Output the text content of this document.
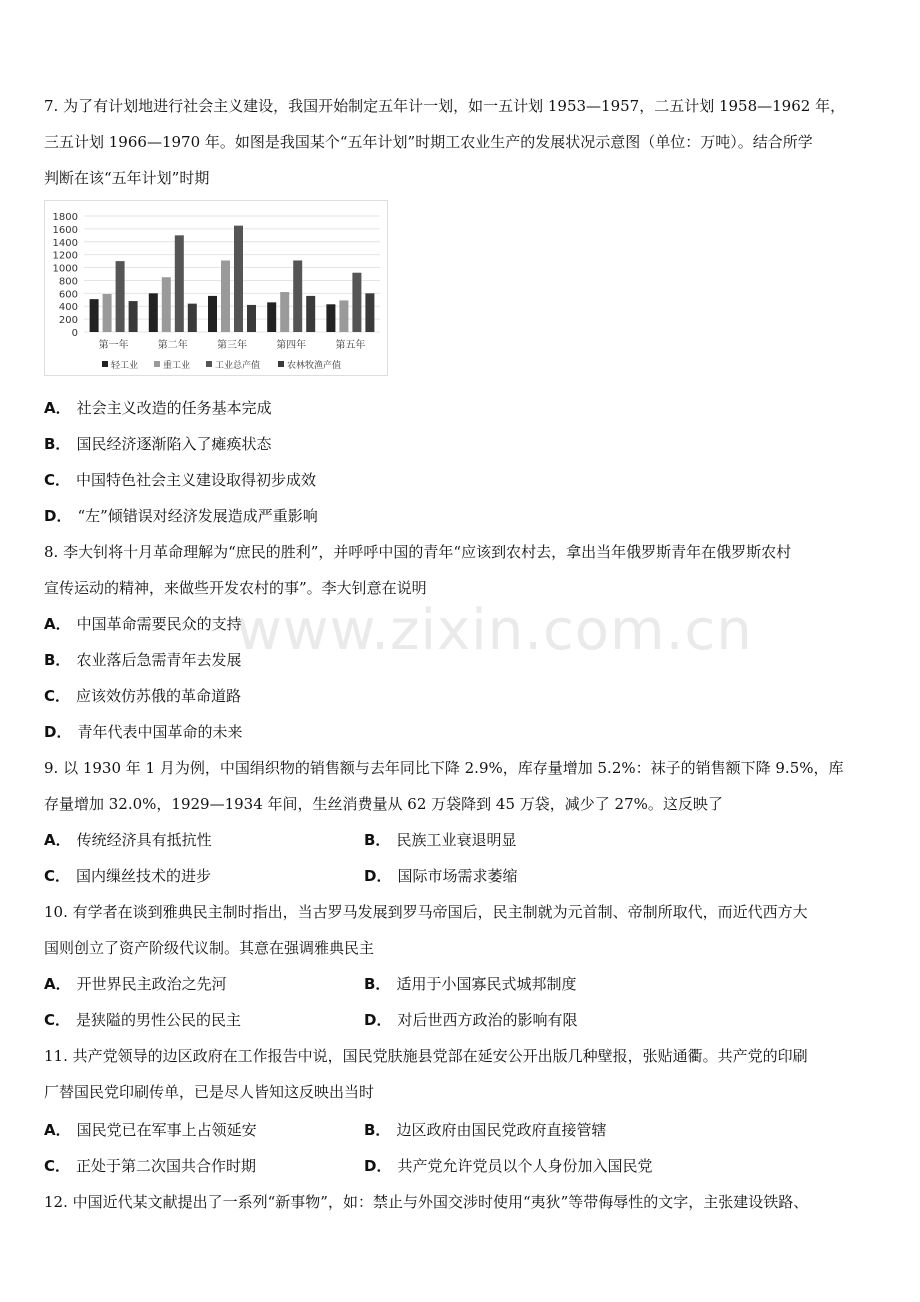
7. 为了有计划地进行社会主义建设，我国开始制定五年计一划，如一五计划 1953—1957，二五计划 1958—1962 年，
三五计划 1966—1970 年。如图是我国某个“五年计划”时期工农业生产的发展状况示意图（单位：万吨）。结合所学
判断在该“五年计划”时期
1800
1600
1400
1200
1000
800
600
400
200
0
第一年	第二年	第三年	第四年	第五年
轻工业	重工业	工业总产值	农林牧渔产值
A． 社会主义改造的任务基本完成
B． 国民经济逐渐陷入了瘫痪状态
C． 中国特色社会主义建设取得初步成效
D． “左”倾错误对经济发展造成严重影响
8. 李大钊将十月革命理解为“庶民的胜利”，并呼呼中国的青年“应该到农村去，拿出当年俄罗斯青年在俄罗斯农村
宣传运动的精神，来做些开发农村的事”。李大钊意在说明
A． 中国革命需要民众的支持
B． 农业落后急需青年去发展
C． 应该效仿苏俄的革命道路
D． 青年代表中国革命的未来
9. 以 1930 年 1 月为例，中国绢织物的销售额与去年同比下降 2.9%，库存量增加 5.2%：袜子的销售额下降 9.5%，库
存量增加 32.0%，1929—1934 年间，生丝消费量从 62 万袋降到 45 万袋，减少了 27%。这反映了
A． 传统经济具有抵抗性	B． 民族工业衰退明显
C． 国内缫丝技术的进步	D． 国际市场需求萎缩
10. 有学者在谈到雅典民主制时指出，当古罗马发展到罗马帝国后，民主制就为元首制、帝制所取代，而近代西方大
国则创立了资产阶级代议制。其意在强调雅典民主
A． 开世界民主政治之先河	B． 适用于小国寡民式城邦制度
C． 是狭隘的男性公民的民主	D． 对后世西方政治的影响有限
11. 共产党领导的边区政府在工作报告中说，国民党肤施县党部在延安公开出版几种壁报，张贴通衢。共产党的印刷
厂替国民党印刷传单，已是尽人皆知这反映出当时
A． 国民党已在军事上占领延安	B． 边区政府由国民党政府直接管辖
C． 正处于第二次国共合作时期	D． 共产党允许党员以个人身份加入国民党
12. 中国近代某文献提出了一系列“新事物”，如：禁止与外国交涉时使用“夷狄”等带侮辱性的文字，主张建设铁路、
www.zixin.com.cn
